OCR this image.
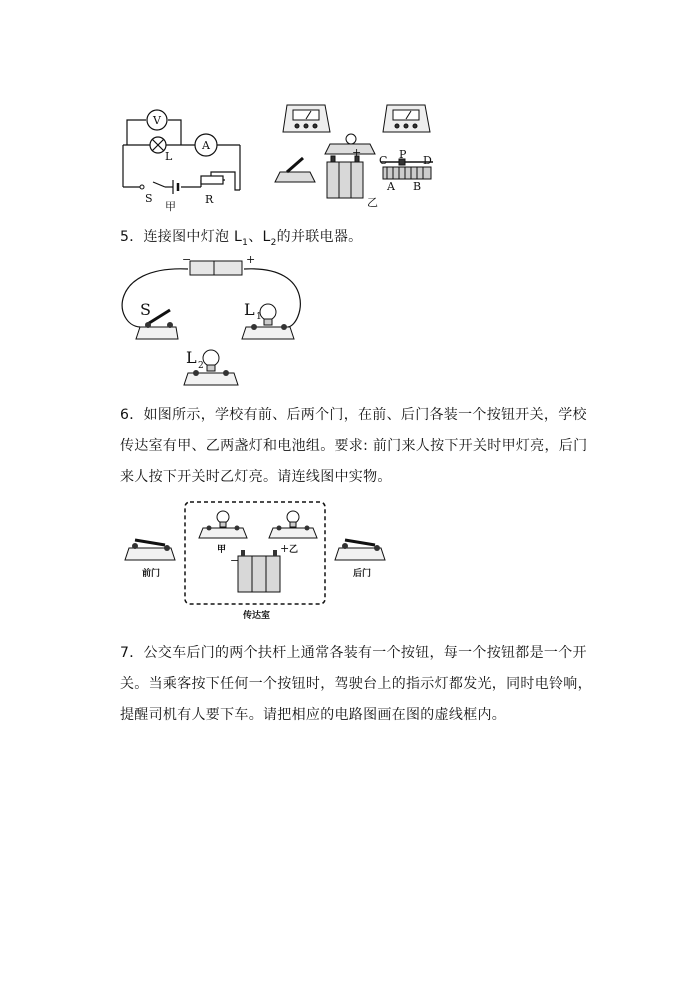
V
L
A
S
甲
R
+
C P D
A B
乙
5．连接图中灯泡 $L_1$、$L_2$的并联电器。
−	+
S	L 1
L 2
6．如图所示，学校有前、后两个门，在前、后门各装一个按钮开关，学校
传达室有甲、乙两盏灯和电池组。要求: 前门来人按下开关时甲灯亮，后门
来人按下开关时乙灯亮。请连线图中实物。
前门	后门
甲	乙
−
+
传达室
7．公交车后门的两个扶杆上通常各装有一个按钮，每一个按钮都是一个开
关。当乘客按下任何一个按钮时，驾驶台上的指示灯都发光，同时电铃响，
提醒司机有人要下车。请把相应的电路图画在图的虚线框内。
